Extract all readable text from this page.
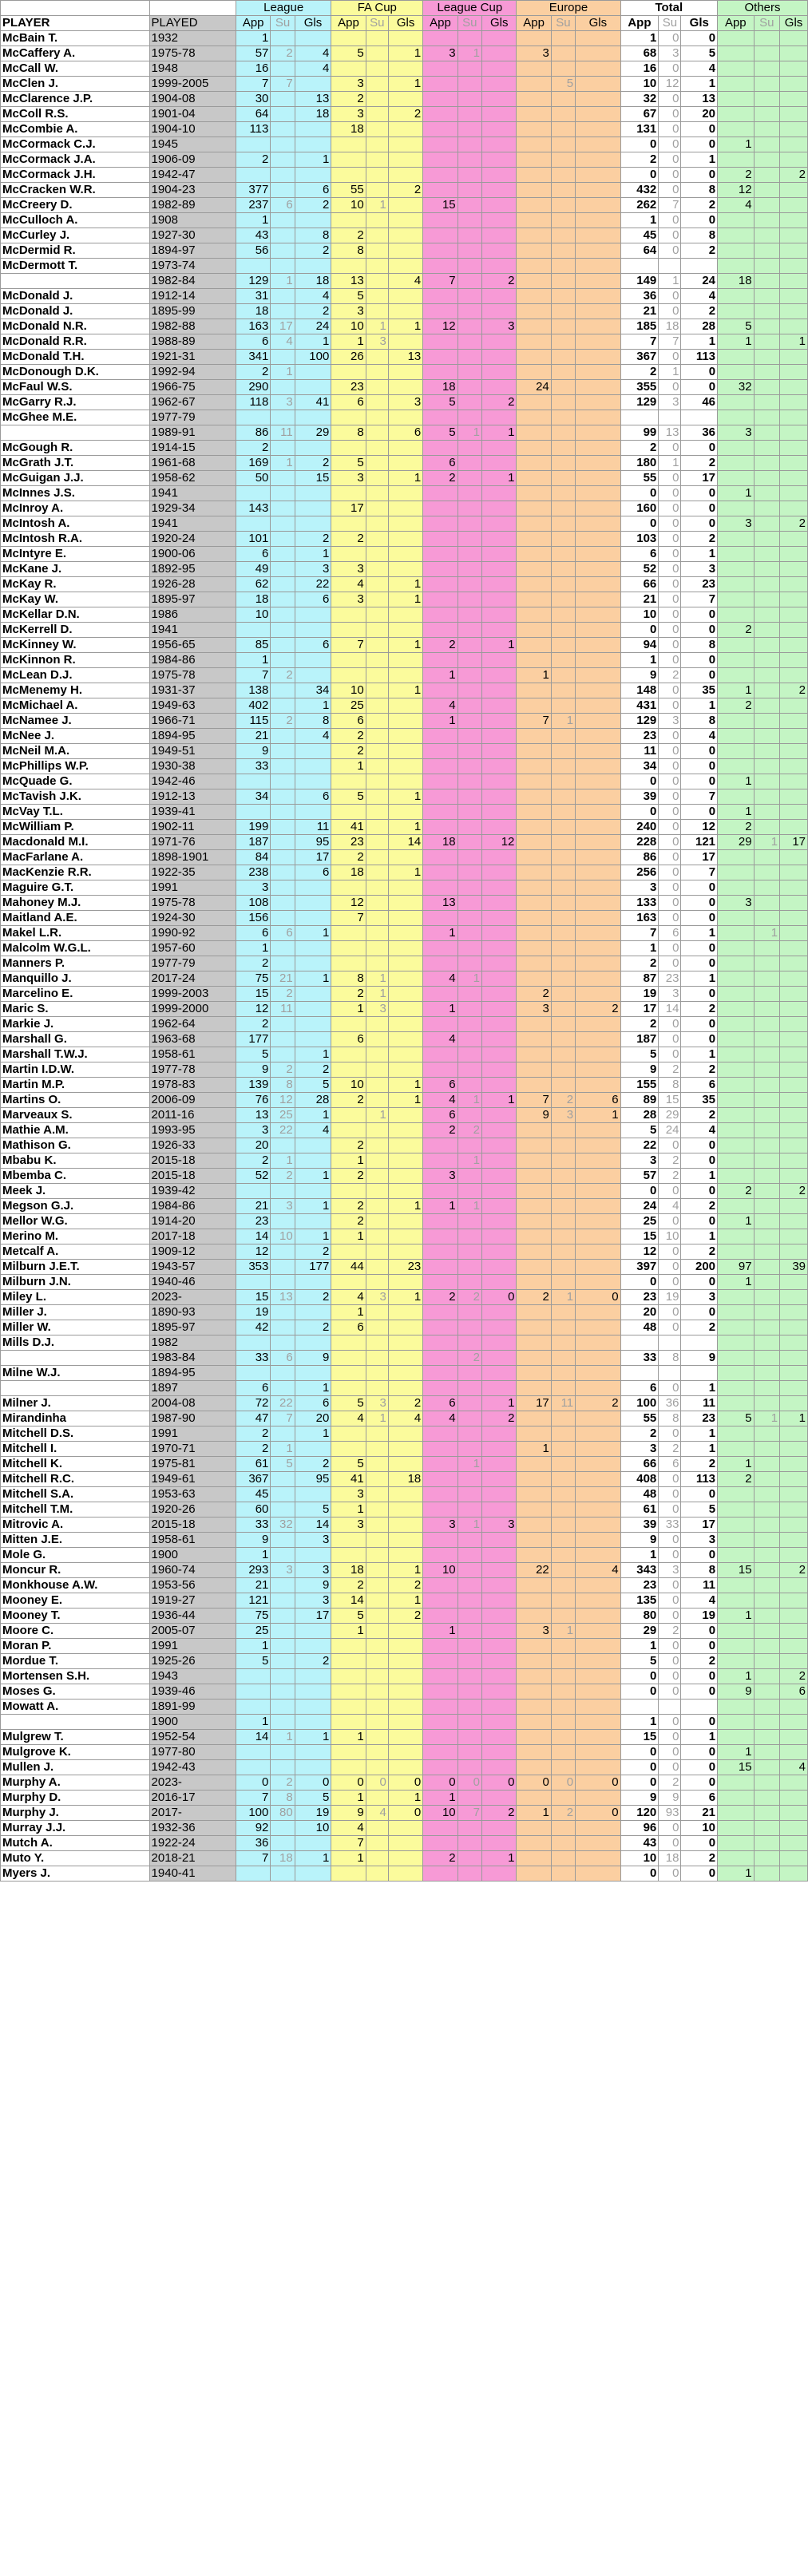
		League			FA Cup			League Cup			Europe			Total			Others		
PLAYER	PLAYED	App	Su	Gls	App	Su	Gls	App	Su	Gls	App	Su	Gls	App	Su	Gls	App	Su	Gls
McBain T.	1932	1												1	0	0			
McCaffery A.	1975-78	57	2	4	5		1	3	1		3			68	3	5			
McCall W.	1948	16		4										16	0	4			
McClen J.	1999-2005	7	7		3		1					5		10	12	1			
McClarence J.P.	1904-08	30		13	2									32	0	13			
McColl R.S.	1901-04	64		18	3		2							67	0	20			
McCombie A.	1904-10	113			18									131	0	0			
McCormack C.J.	1945													0	0	0	1		
McCormack J.A.	1906-09	2		1										2	0	1			
McCormack J.H.	1942-47													0	0	0	2		2
McCracken W.R.	1904-23	377		6	55		2							432	0	8	12		
McCreery D.	1982-89	237	6	2	10	1		15						262	7	2	4		
McCulloch A.	1908	1												1	0	0			
McCurley J.	1927-30	43		8	2									45	0	8			
McDermid R.	1894-97	56		2	8									64	0	2			
McDermott T.	1973-74																		
	1982-84	129	1	18	13		4	7		2				149	1	24	18		
McDonald J.	1912-14	31		4	5									36	0	4			
McDonald J.	1895-99	18		2	3									21	0	2			
McDonald N.R.	1982-88	163	17	24	10	1	1	12		3				185	18	28	5		
McDonald R.R.	1988-89	6	4	1	1	3								7	7	1	1		1
McDonald T.H.	1921-31	341		100	26		13							367	0	113			
McDonough D.K.	1992-94	2	1											2	1	0			
McFaul W.S.	1966-75	290			23			18			24			355	0	0	32		
McGarry R.J.	1962-67	118	3	41	6		3	5		2				129	3	46			
McGhee M.E.	1977-79																		
	1989-91	86	11	29	8		6	5	1	1				99	13	36	3		
McGough R.	1914-15	2												2	0	0			
McGrath J.T.	1961-68	169	1	2	5			6						180	1	2			
McGuigan J.J.	1958-62	50		15	3		1	2		1				55	0	17			
McInnes J.S.	1941													0	0	0	1		
McInroy A.	1929-34	143			17									160	0	0			
McIntosh A.	1941													0	0	0	3		2
McIntosh R.A.	1920-24	101		2	2									103	0	2			
McIntyre E.	1900-06	6		1										6	0	1			
McKane J.	1892-95	49		3	3									52	0	3			
McKay R.	1926-28	62		22	4		1							66	0	23			
McKay W.	1895-97	18		6	3		1							21	0	7			
McKellar D.N.	1986	10												10	0	0			
McKerrell D.	1941													0	0	0	2		
McKinney W.	1956-65	85		6	7		1	2		1				94	0	8			
McKinnon R.	1984-86	1												1	0	0			
McLean D.J.	1975-78	7	2					1			1			9	2	0			
McMenemy H.	1931-37	138		34	10		1							148	0	35	1		2
McMichael A.	1949-63	402		1	25			4						431	0	1	2		
McNamee J.	1966-71	115	2	8	6			1			7	1		129	3	8			
McNee J.	1894-95	21		4	2									23	0	4			
McNeil M.A.	1949-51	9			2									11	0	0			
McPhillips W.P.	1930-38	33			1									34	0	0			
McQuade G.	1942-46													0	0	0	1		
McTavish J.K.	1912-13	34		6	5		1							39	0	7			
McVay T.L.	1939-41													0	0	0	1		
McWilliam P.	1902-11	199		11	41		1							240	0	12	2		
Macdonald M.I.	1971-76	187		95	23		14	18		12				228	0	121	29	1	17
MacFarlane A.	1898-1901	84		17	2									86	0	17			
MacKenzie R.R.	1922-35	238		6	18		1							256	0	7			
Maguire G.T.	1991	3												3	0	0			
Mahoney M.J.	1975-78	108			12			13						133	0	0	3		
Maitland A.E.	1924-30	156			7									163	0	0			
Makel L.R.	1990-92	6	6	1				1						7	6	1		1	
Malcolm W.G.L.	1957-60	1												1	0	0			
Manners P.	1977-79	2												2	0	0			
Manquillo J.	2017-24	75	21	1	8	1		4	1					87	23	1			
Marcelino E.	1999-2003	15	2		2	1					2			19	3	0			
Maric S.	1999-2000	12	11		1	3		1			3		2	17	14	2			
Markie J.	1962-64	2												2	0	0			
Marshall G.	1963-68	177			6			4						187	0	0			
Marshall T.W.J.	1958-61	5		1										5	0	1			
Martin I.D.W.	1977-78	9	2	2										9	2	2			
Martin M.P.	1978-83	139	8	5	10		1	6						155	8	6			
Martins O.	2006-09	76	12	28	2		1	4	1	1	7	2	6	89	15	35			
Marveaux S.	2011-16	13	25	1		1		6			9	3	1	28	29	2			
Mathie A.M.	1993-95	3	22	4				2	2					5	24	4			
Mathison G.	1926-33	20			2									22	0	0			
Mbabu K.	2015-18	2	1		1				1					3	2	0			
Mbemba C.	2015-18	52	2	1	2			3						57	2	1			
Meek J.	1939-42													0	0	0	2		2
Megson G.J.	1984-86	21	3	1	2		1	1	1					24	4	2			
Mellor W.G.	1914-20	23			2									25	0	0	1		
Merino M.	2017-18	14	10	1	1									15	10	1			
Metcalf A.	1909-12	12		2										12	0	2			
Milburn J.E.T.	1943-57	353		177	44		23							397	0	200	97		39
Milburn J.N.	1940-46													0	0	0	1		
Miley L.	2023-	15	13	2	4	3	1	2	2	0	2	1	0	23	19	3			
Miller J.	1890-93	19			1									20	0	0			
Miller W.	1895-97	42		2	6									48	0	2			
Mills D.J.	1982																		
	1983-84	33	6	9					2					33	8	9			
Milne W.J.	1894-95																		
	1897	6		1										6	0	1			
Milner J.	2004-08	72	22	6	5	3	2	6		1	17	11	2	100	36	11			
Mirandinha	1987-90	47	7	20	4	1	4	4		2				55	8	23	5	1	1
Mitchell D.S.	1991	2		1										2	0	1			
Mitchell I.	1970-71	2	1								1			3	2	1			
Mitchell K.	1975-81	61	5	2	5				1					66	6	2	1		
Mitchell R.C.	1949-61	367		95	41		18							408	0	113	2		
Mitchell S.A.	1953-63	45			3									48	0	0			
Mitchell T.M.	1920-26	60		5	1									61	0	5			
Mitrovic A.	2015-18	33	32	14	3			3	1	3				39	33	17			
Mitten J.E.	1958-61	9		3										9	0	3			
Mole G.	1900	1												1	0	0			
Moncur R.	1960-74	293	3	3	18		1	10			22		4	343	3	8	15		2
Monkhouse A.W.	1953-56	21		9	2		2							23	0	11			
Mooney E.	1919-27	121		3	14		1							135	0	4			
Mooney T.	1936-44	75		17	5		2							80	0	19	1		
Moore C.	2005-07	25			1			1			3	1		29	2	0			
Moran P.	1991	1												1	0	0			
Mordue T.	1925-26	5		2										5	0	2			
Mortensen S.H.	1943													0	0	0	1		2
Moses G.	1939-46													0	0	0	9		6
Mowatt A.	1891-99																		
	1900	1												1	0	0			
Mulgrew T.	1952-54	14	1	1	1									15	0	1			
Mulgrove K.	1977-80													0	0	0	1		
Mullen J.	1942-43													0	0	0	15		4
Murphy A.	2023-	0	2	0	0	0	0	0	0	0	0	0	0	0	2	0			
Murphy D.	2016-17	7	8	5	1		1	1						9	9	6			
Murphy J.	2017-	100	80	19	9	4	0	10	7	2	1	2	0	120	93	21			
Murray J.J.	1932-36	92		10	4									96	0	10			
Mutch A.	1922-24	36			7									43	0	0			
Muto Y.	2018-21	7	18	1	1			2		1				10	18	2			
Myers J.	1940-41													0	0	0	1		
